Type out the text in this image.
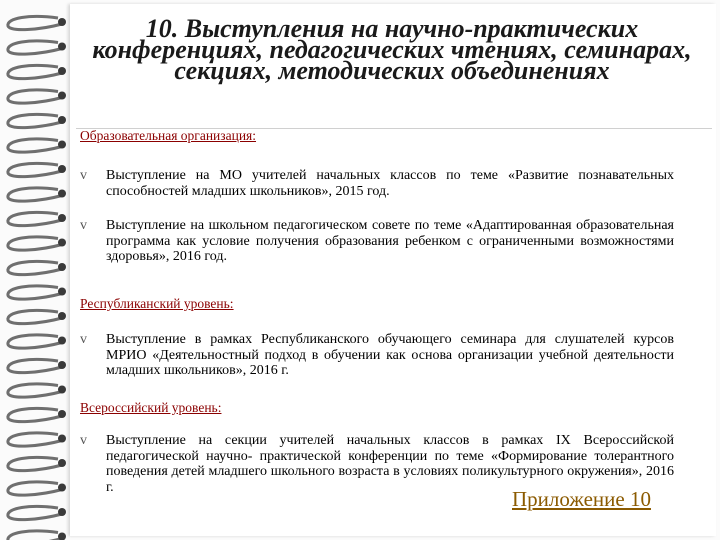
10. Выступления на научно-практических конференциях, педагогических чтениях, семинарах, секциях, методических объединениях
Образовательная организация:
v Выступление на МО учителей начальных классов по теме «Развитие познавательных способностей младших школьников», 2015 год.
v Выступление на школьном педагогическом совете по теме «Адаптированная образовательная программа как условие получения образования ребенком с ограниченными возможностями здоровья», 2016 год.
Республиканский уровень:
v Выступление в рамках Республиканского обучающего семинара для слушателей курсов МРИО «Деятельностный подход в обучении как основа организации учебной деятельности младших школьников», 2016 г.
Всероссийский уровень:
v Выступление на секции учителей начальных классов в рамках IX Всероссийской педагогической научно- практической конференции по теме «Формирование толерантного поведения детей младшего школьного возраста в условиях поликультурного окружения», 2016 г.	Приложение 10
